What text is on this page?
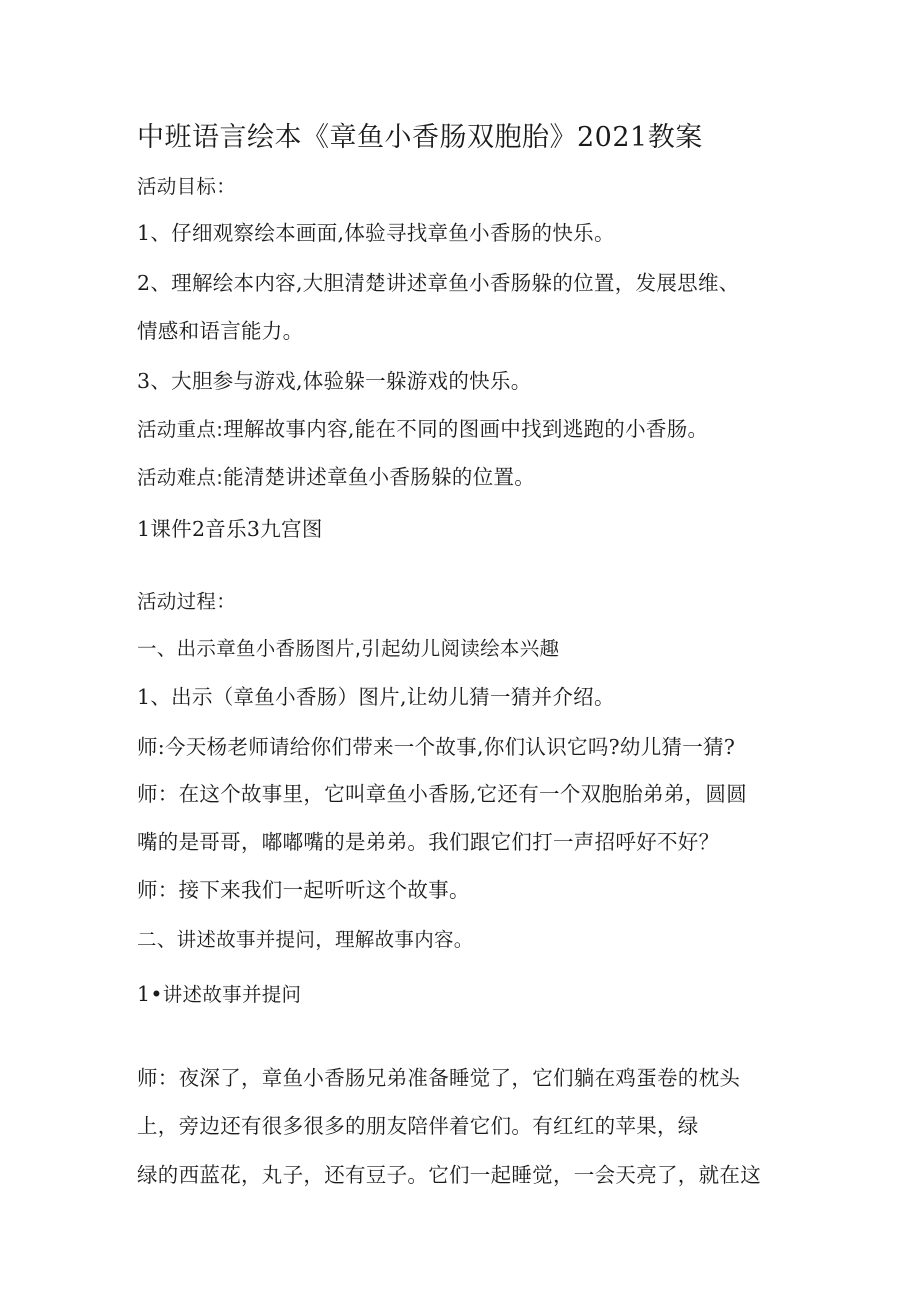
中班语言绘本《章鱼小香肠双胞胎》2021教案
活动目标：
1、仔细观察绘本画面,体验寻找章鱼小香肠的快乐。
2、理解绘本内容,大胆清楚讲述章鱼小香肠躲的位置，发展思维、
情感和语言能力。
3、大胆参与游戏,体验躲一躲游戏的快乐。
活动重点:理解故事内容,能在不同的图画中找到逃跑的小香肠。
活动难点:能清楚讲述章鱼小香肠躲的位置。
1课件2音乐3九宫图
活动过程：
一、出示章鱼小香肠图片,引起幼儿阅读绘本兴趣
1、出示（章鱼小香肠）图片,让幼儿猜一猜并介绍。
师:今天杨老师请给你们带来一个故事,你们认识它吗?幼儿猜一猜?
师：在这个故事里，它叫章鱼小香肠,它还有一个双胞胎弟弟，圆圆
嘴的是哥哥，嘟嘟嘴的是弟弟。我们跟它们打一声招呼好不好？
师：接下来我们一起听听这个故事。
二、讲述故事并提问，理解故事内容。
1•讲述故事并提问
师：夜深了，章鱼小香肠兄弟准备睡觉了，它们躺在鸡蛋卷的枕头
上，旁边还有很多很多的朋友陪伴着它们。有红红的苹果，绿
绿的西蓝花，丸子，还有豆子。它们一起睡觉，一会天亮了，就在这
